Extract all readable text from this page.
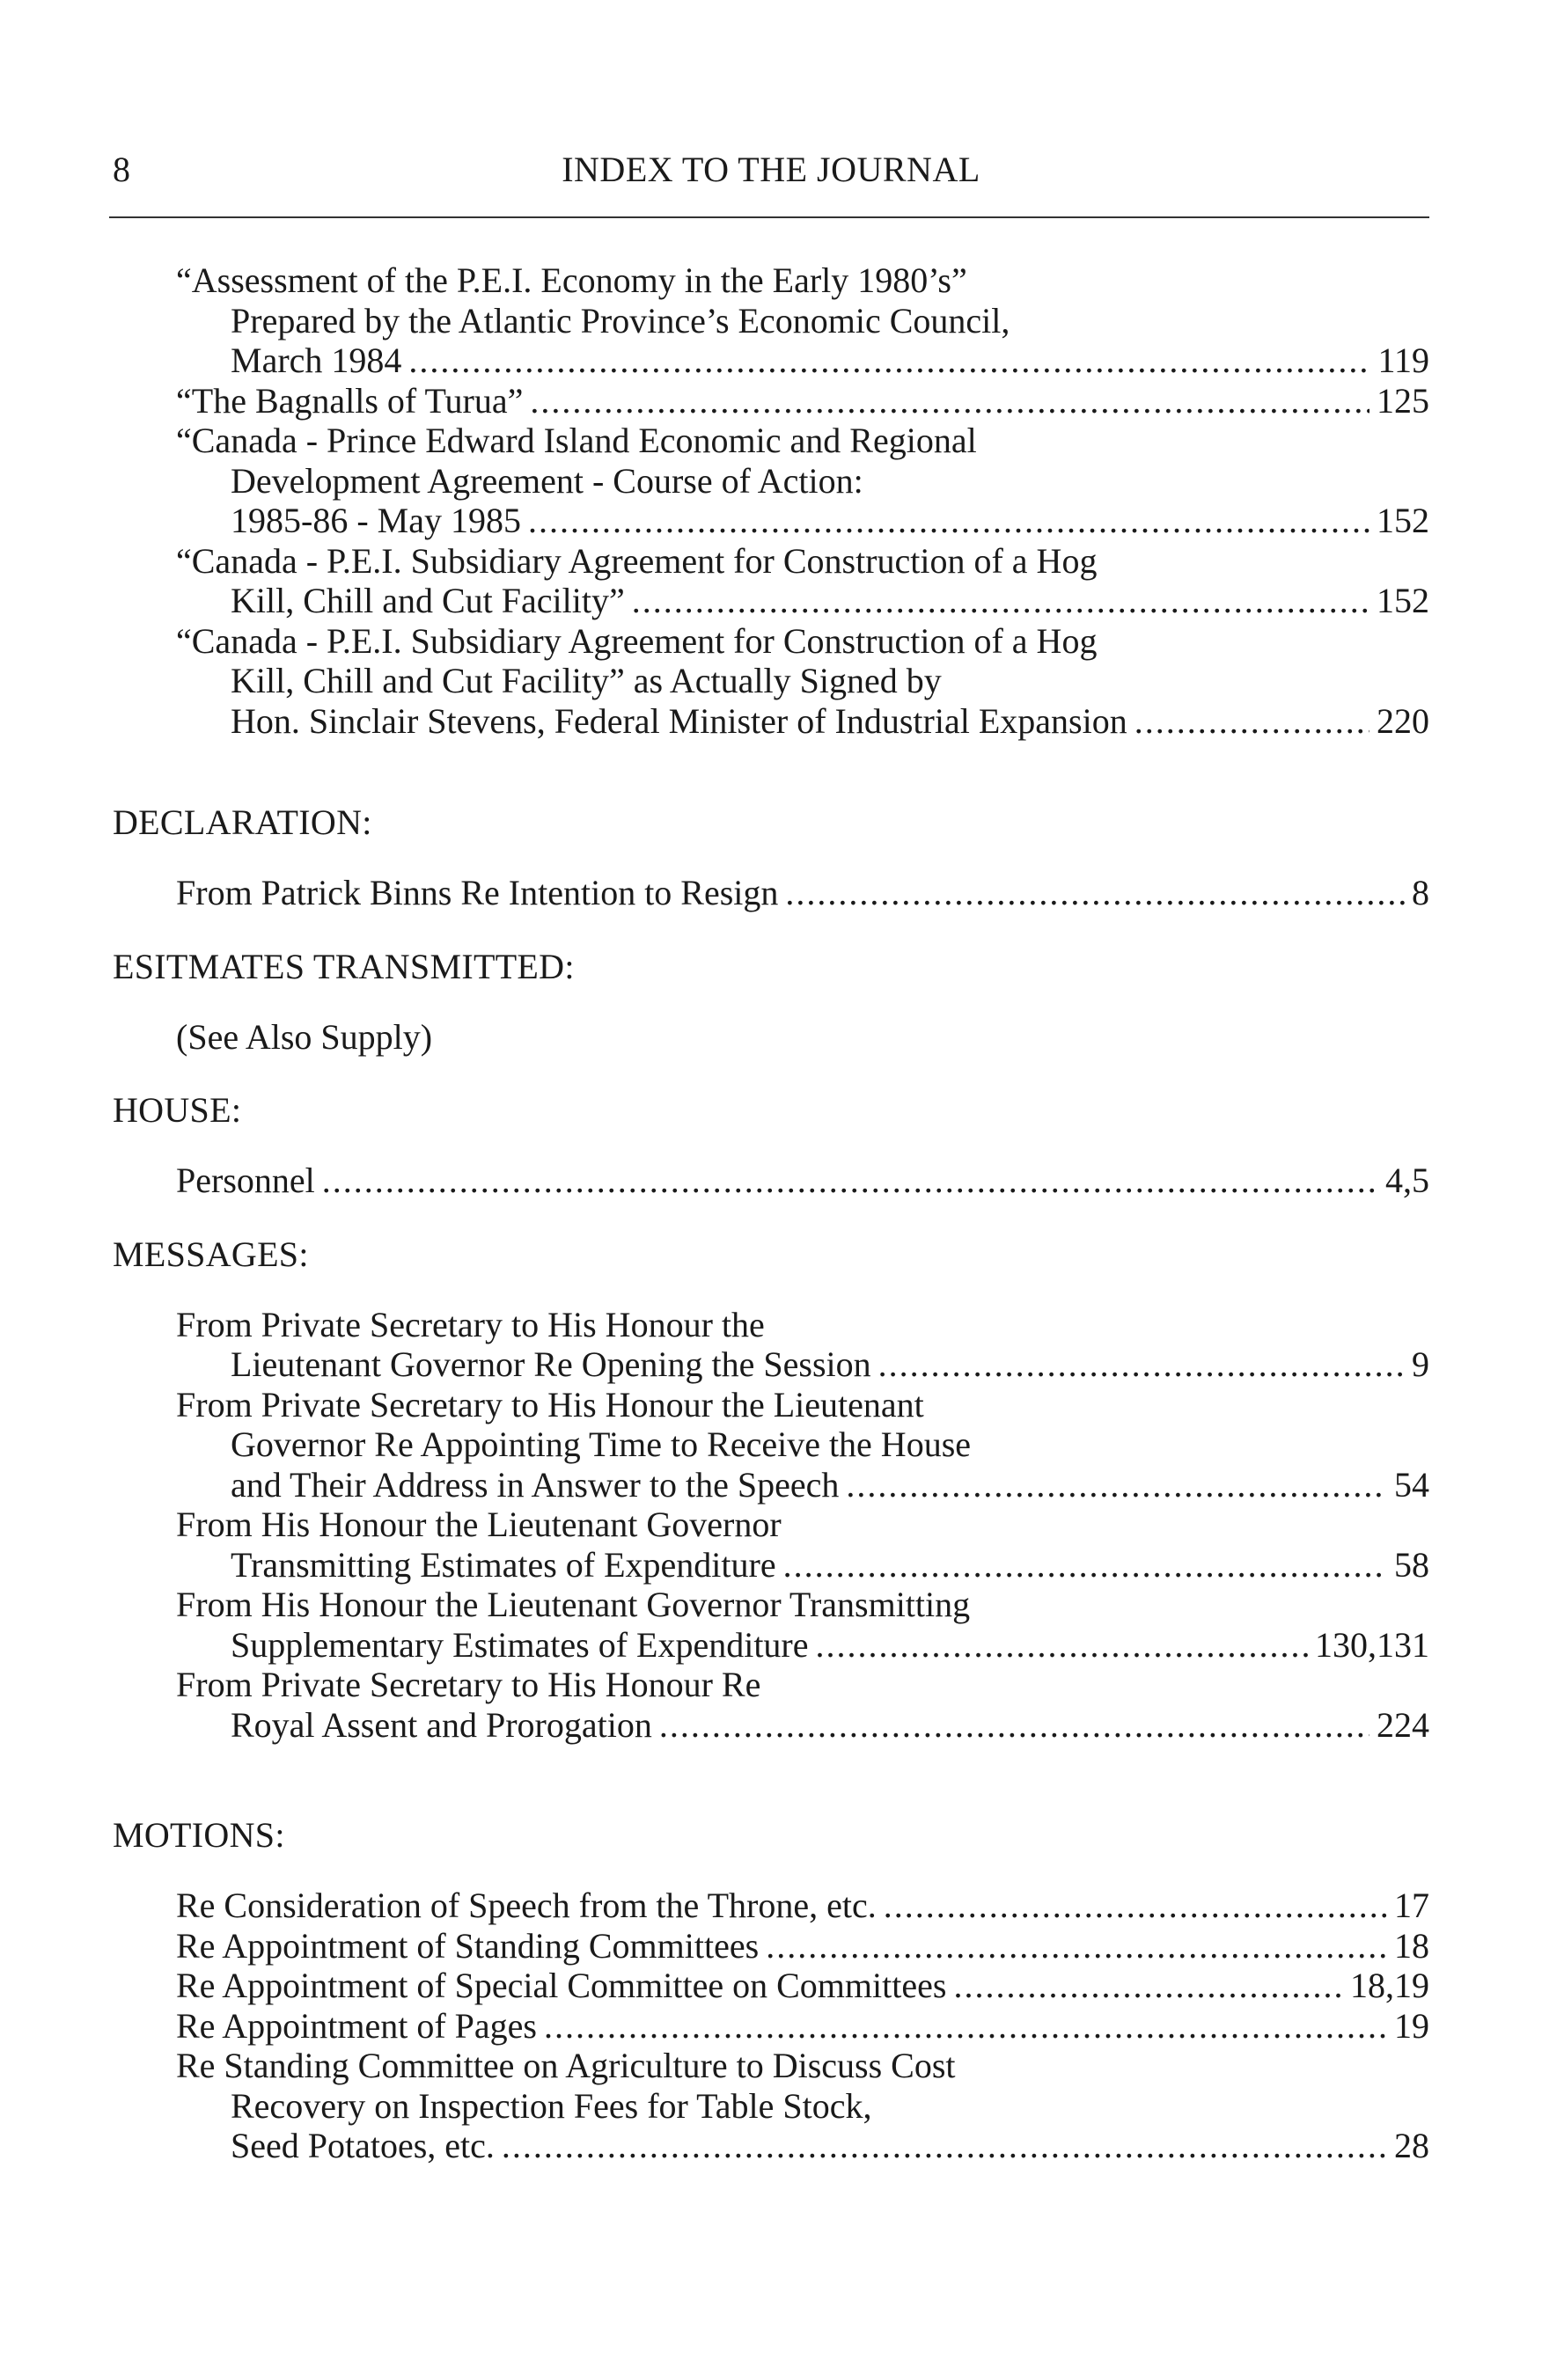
8	INDEX TO THE JOURNAL
“Assessment of the P.E.I. Economy in the Early 1980’s”
Prepared by the Atlantic Province’s Economic Council,
March 1984 . . .	119
“The Bagnalls of Turua” . . .	125
“Canada - Prince Edward Island Economic and Regional
Development Agreement - Course of Action:
1985-86 - May 1985 . . .	152
“Canada - P.E.I. Subsidiary Agreement for Construction of a Hog
Kill, Chill and Cut Facility” . . .	152
“Canada - P.E.I. Subsidiary Agreement for Construction of a Hog
Kill, Chill and Cut Facility” as Actually Signed by
Hon. Sinclair Stevens, Federal Minister of Industrial Expansion . . .	220
DECLARATION:
From Patrick Binns Re Intention to Resign . . .	8
ESITMATES TRANSMITTED:
(See Also Supply)
HOUSE:
Personnel . . .	4,5
MESSAGES:
From Private Secretary to His Honour the
Lieutenant Governor Re Opening the Session . . .	9
From Private Secretary to His Honour the Lieutenant
Governor Re Appointing Time to Receive the House
and Their Address in Answer to the Speech . . .	54
From His Honour the Lieutenant Governor
Transmitting Estimates of Expenditure . . .	58
From His Honour the Lieutenant Governor Transmitting
Supplementary Estimates of Expenditure . . .	130,131
From Private Secretary to His Honour Re
Royal Assent and Prorogation . . .	224
MOTIONS:
Re Consideration of Speech from the Throne, etc. . . .	17
Re Appointment of Standing Committees . . .	18
Re Appointment of Special Committee on Committees . . .	18,19
Re Appointment of Pages . . .	19
Re Standing Committee on Agriculture to Discuss Cost
Recovery on Inspection Fees for Table Stock,
Seed Potatoes, etc. . . .	28
